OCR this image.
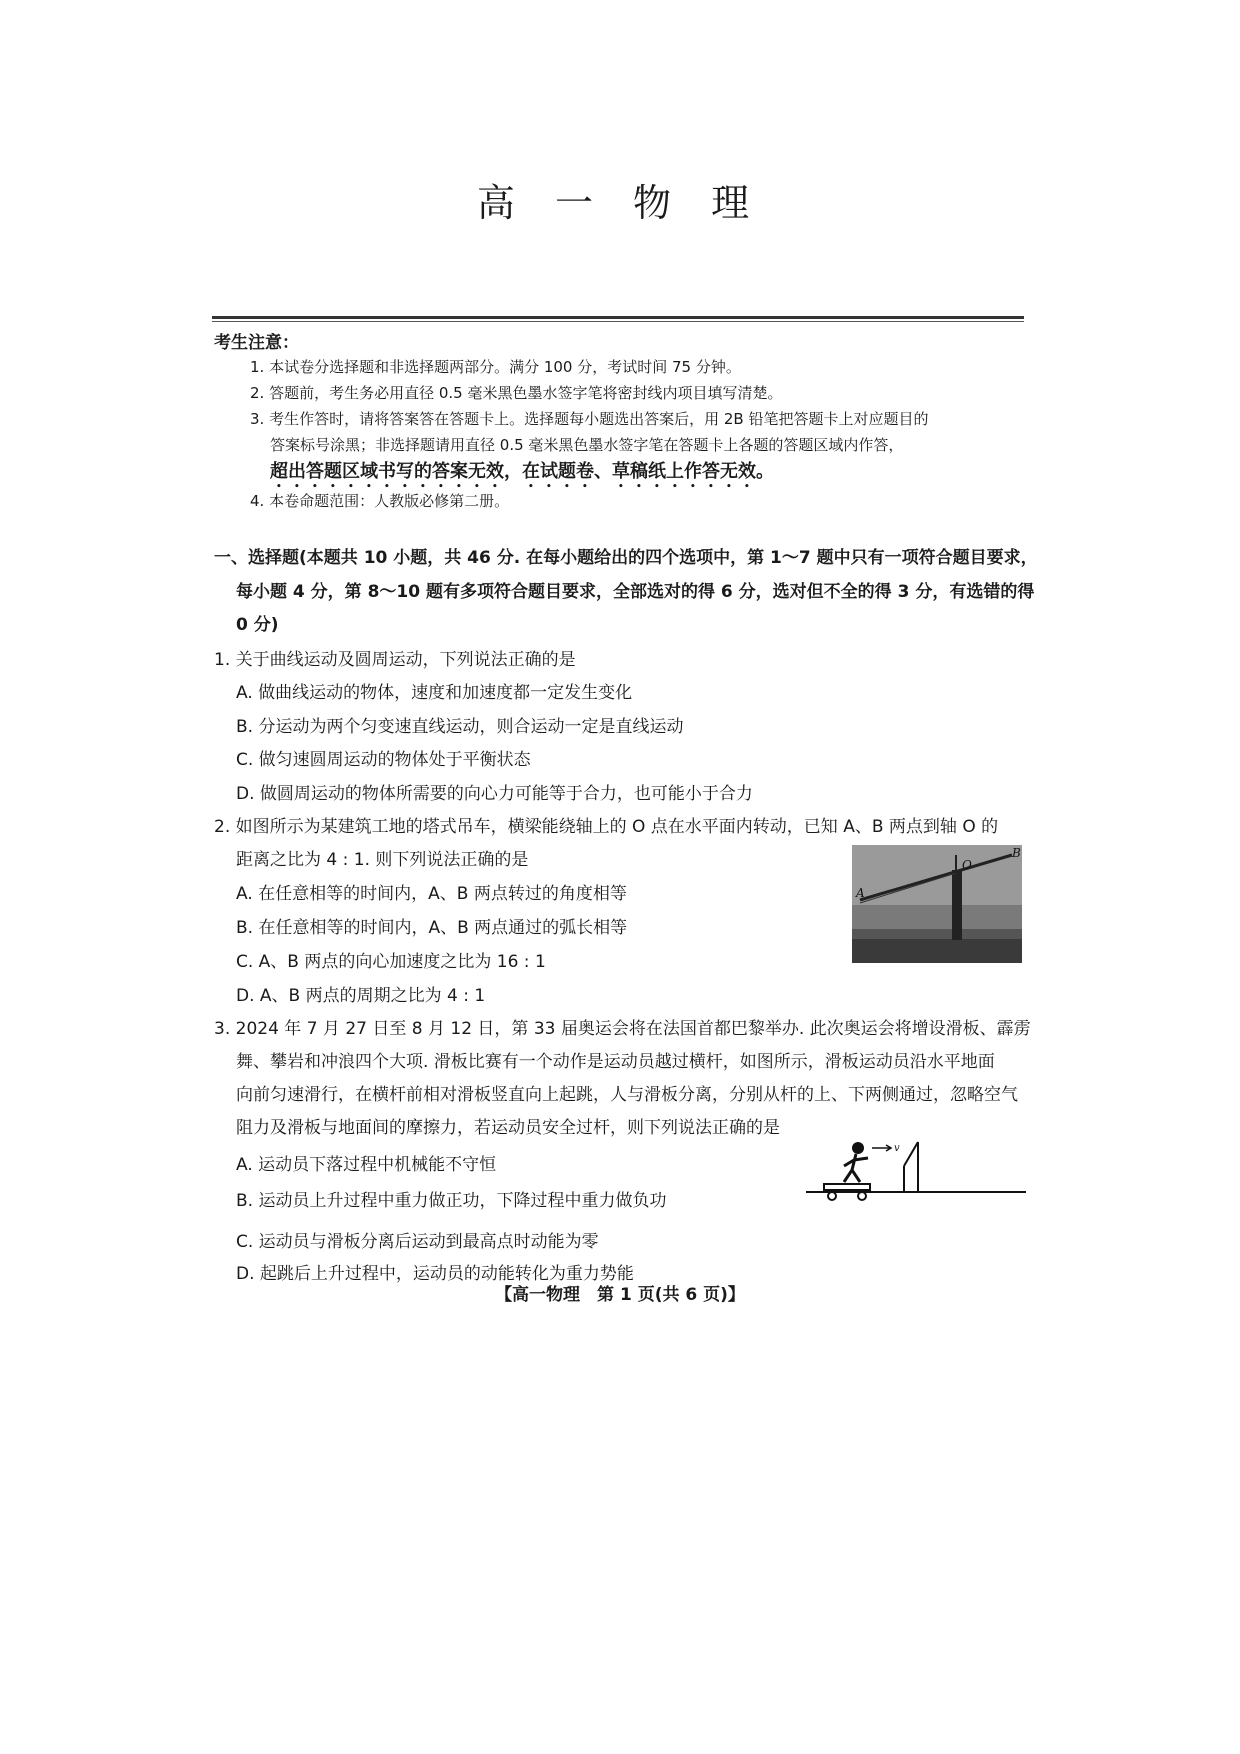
高 一 物 理
考生注意：
1. 本试卷分选择题和非选择题两部分。满分 100 分，考试时间 75 分钟。
2. 答题前，考生务必用直径 0.5 毫米黑色墨水签字笔将密封线内项目填写清楚。
3. 考生作答时，请将答案答在答题卡上。选择题每小题选出答案后，用 2B 铅笔把答题卡上对应题目的
答案标号涂黑；非选择题请用直径 0.5 毫米黑色墨水签字笔在答题卡上各题的答题区域内作答，
超出答题区域书写的答案无效，在试题卷、草稿纸上作答无效。
4. 本卷命题范围：人教版必修第二册。
一、选择题(本题共 10 小题，共 46 分. 在每小题给出的四个选项中，第 1～7 题中只有一项符合题目要求，
每小题 4 分，第 8～10 题有多项符合题目要求，全部选对的得 6 分，选对但不全的得 3 分，有选错的得
0 分)
1. 关于曲线运动及圆周运动，下列说法正确的是
A. 做曲线运动的物体，速度和加速度都一定发生变化
B. 分运动为两个匀变速直线运动，则合运动一定是直线运动
C. 做匀速圆周运动的物体处于平衡状态
D. 做圆周运动的物体所需要的向心力可能等于合力，也可能小于合力
2. 如图所示为某建筑工地的塔式吊车，横梁能绕轴上的 O 点在水平面内转动，已知 A、B 两点到轴 O 的
距离之比为 4 : 1. 则下列说法正确的是
A. 在任意相等的时间内，A、B 两点转过的角度相等
B. 在任意相等的时间内，A、B 两点通过的弧长相等
C. A、B 两点的向心加速度之比为 16 : 1
D. A、B 两点的周期之比为 4 : 1
A
O
B
3. 2024 年 7 月 27 日至 8 月 12 日，第 33 届奥运会将在法国首都巴黎举办. 此次奥运会将增设滑板、霹雳
舞、攀岩和冲浪四个大项. 滑板比赛有一个动作是运动员越过横杆，如图所示，滑板运动员沿水平地面
向前匀速滑行，在横杆前相对滑板竖直向上起跳，人与滑板分离，分别从杆的上、下两侧通过，忽略空气
阻力及滑板与地面间的摩擦力，若运动员安全过杆，则下列说法正确的是
A. 运动员下落过程中机械能不守恒
B. 运动员上升过程中重力做正功，下降过程中重力做负功
C. 运动员与滑板分离后运动到最高点时动能为零
D. 起跳后上升过程中，运动员的动能转化为重力势能
v
【高一物理　第 1 页(共 6 页)】
